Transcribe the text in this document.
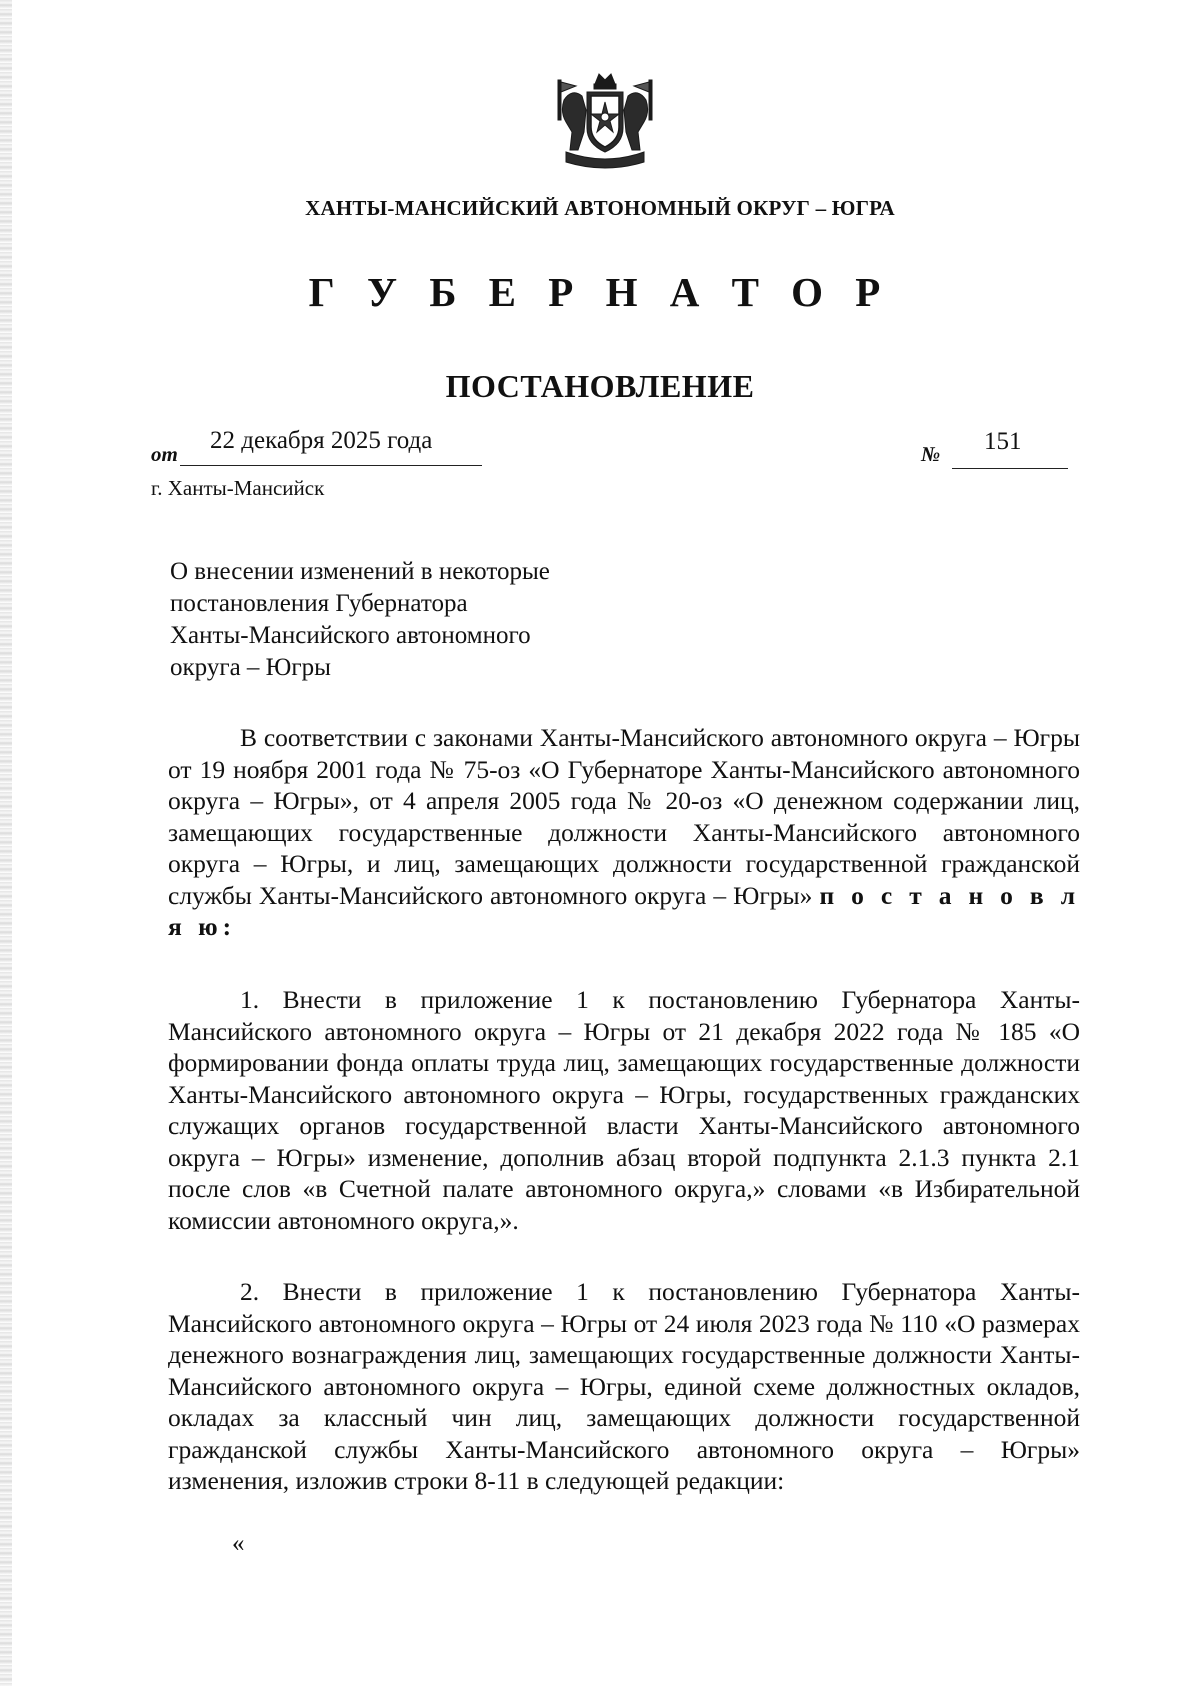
ХАНТЫ-МАНСИЙСКИЙ АВТОНОМНЫЙ ОКРУГ – ЮГРА
Г У Б Е Р Н А Т О Р
ПОСТАНОВЛЕНИЕ
от 22 декабря 2025 года	№ 151
г. Ханты-Мансийск
О внесении изменений в некоторые
постановления Губернатора
Ханты-Мансийского автономного
округа – Югры

В соответствии с законами Ханты-Мансийского автономного округа – Югры от 19 ноября 2001 года № 75-оз «О Губернаторе Ханты-Мансийского автономного округа – Югры», от 4 апреля 2005 года № 20-оз «О денежном содержании лиц, замещающих государственные должности Ханты-Мансийского автономного округа – Югры, и лиц, замещающих должности государственной гражданской службы Ханты-Мансийского автономного округа – Югры» п о с т а н о в л я ю:

1. Внести в приложение 1 к постановлению Губернатора Ханты-Мансийского автономного округа – Югры от 21 декабря 2022 года № 185 «О формировании фонда оплаты труда лиц, замещающих государственные должности Ханты-Мансийского автономного округа – Югры, государственных гражданских служащих органов государственной власти Ханты-Мансийского автономного округа – Югры» изменение, дополнив абзац второй подпункта 2.1.3 пункта 2.1 после слов «в Счетной палате автономного округа,» словами «в Избирательной комиссии автономного округа,».

2. Внести в приложение 1 к постановлению Губернатора Ханты-Мансийского автономного округа – Югры от 24 июля 2023 года № 110 «О размерах денежного вознаграждения лиц, замещающих государственные должности Ханты-Мансийского автономного округа – Югры, единой схеме должностных окладов, окладах за классный чин лиц, замещающих должности государственной гражданской службы Ханты-Мансийского автономного округа – Югры» изменения, изложив строки 8-11 в следующей редакции:

«
